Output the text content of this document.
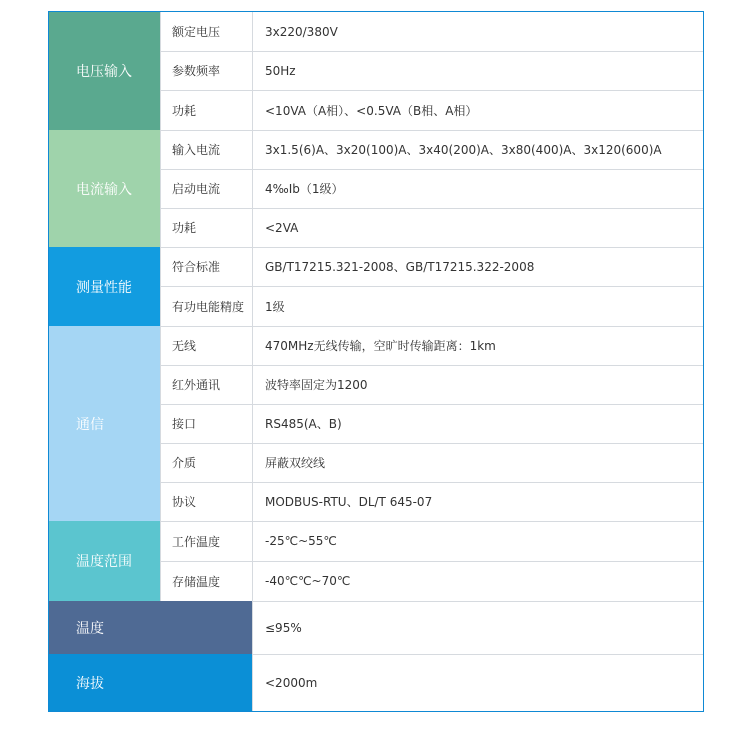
电压输入
额定电压	3x220/380V
参数频率	50Hz
功耗	<10VA（A相）、<0.5VA（B相、A相）
电流输入
输入电流	3x1.5(6)A、3x20(100)A、3x40(200)A、3x80(400)A、3x120(600)A
启动电流	4‰Ib（1级）
功耗	<2VA
测量性能
符合标准	GB/T17215.321-2008、GB/T17215.322-2008
有功电能精度	1级
通信
无线	470MHz无线传输，空旷时传输距离：1km
红外通讯	波特率固定为1200
接口	RS485(A、B)
介质	屏蔽双绞线
协议	MODBUS-RTU、DL/T 645-07
温度范围
工作温度	-25℃~55℃
存储温度	-40℃℃~70℃
温度	≤95%
海拔	<2000m
